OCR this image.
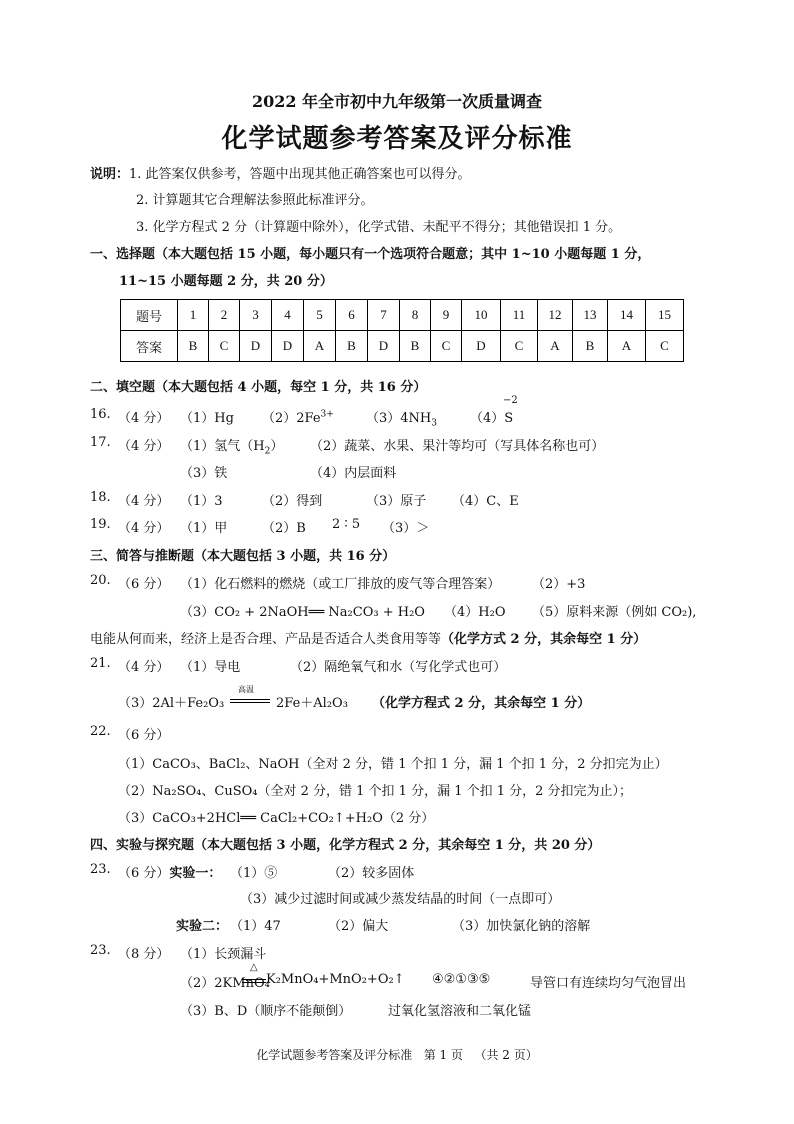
2022 年全市初中九年级第一次质量调查
化学试题参考答案及评分标准
说明：1. 此答案仅供参考，答题中出现其他正确答案也可以得分。
2. 计算题其它合理解法参照此标准评分。
3. 化学方程式 2 分（计算题中除外），化学式错、未配平不得分；其他错误扣 1 分。
一、选择题（本大题包括 15 小题，每小题只有一个选项符合题意；其中 1~10 小题每题 1 分，
11~15 小题每题 2 分，共 20 分）
题号	1	2	3	4	5	6	7	8	9	10	11	12	13	14	15
答案	B	C	D	D	A	B	D	B	C	D	C	A	B	A	C
二、填空题（本大题包括 4 小题，每空 1 分，共 16 分）
16. （4 分） （1）Hg $(2)2Fe^{3+}$ $(3)4NH_3$	（4）S
−2
17. （4 分） （1）氢气$(H_2)$ （2）蔬菜、水果、果汁等均可（写具体名称也可）
（3）铁	（4）内层面料
18. （4 分） （1）3	（2）得到	（3）原子 （4）C、E
19. （4 分） （1）甲	（2）B 2 ∶ 5 （3）＞
三、简答与推断题（本大题包括 3 小题，共 16 分）
20. （6 分） （1）化石燃料的燃烧（或工厂排放的废气等合理答案） （2）+3
（3）CO₂ + 2NaOH══ Na₂CO₃ + H₂O （4）H₂O （5）原料来源（例如 CO₂),
电能从何而来，经济上是否合理、产品是否适合人类食用等等（化学方式 2 分，其余每空 1 分）
21. （4 分） （1）导电	（2）隔绝氧气和水（写化学式也可）
（3）2Al＋Fe₂O₃
高温
2Fe＋Al₂O₃ （化学方程式 2 分，其余每空 1 分）
22. （6 分）
（1）CaCO₃、BaCl₂、NaOH（全对 2 分，错 1 个扣 1 分，漏 1 个扣 1 分，2 分扣完为止）
（2）Na₂SO₄、CuSO₄（全对 2 分，错 1 个扣 1 分，漏 1 个扣 1 分，2 分扣完为止）；
（3）CaCO₃+2HCl══ CaCl₂+CO₂↑+H₂O（2 分）
四、实验与探究题（本大题包括 3 小题，化学方程式 2 分，其余每空 1 分，共 20 分）
23. （6 分）实验一： （1）⑤	（2）较多固体
（3）减少过滤时间或减少蒸发结晶的时间（一点即可）
实验二： （1）47	（2）偏大	（3）加快氯化钠的溶解
23. （8 分） （1）长颈漏斗
（2）2KMnO₄
△
K₂MnO₄+MnO₂+O₂↑ ④②①③⑤	导管口有连续均匀气泡冒出
（3）B、D（顺序不能颠倒）	过氧化氢溶液和二氧化锰
化学试题参考答案及评分标准 第 1 页 （共 2 页）
